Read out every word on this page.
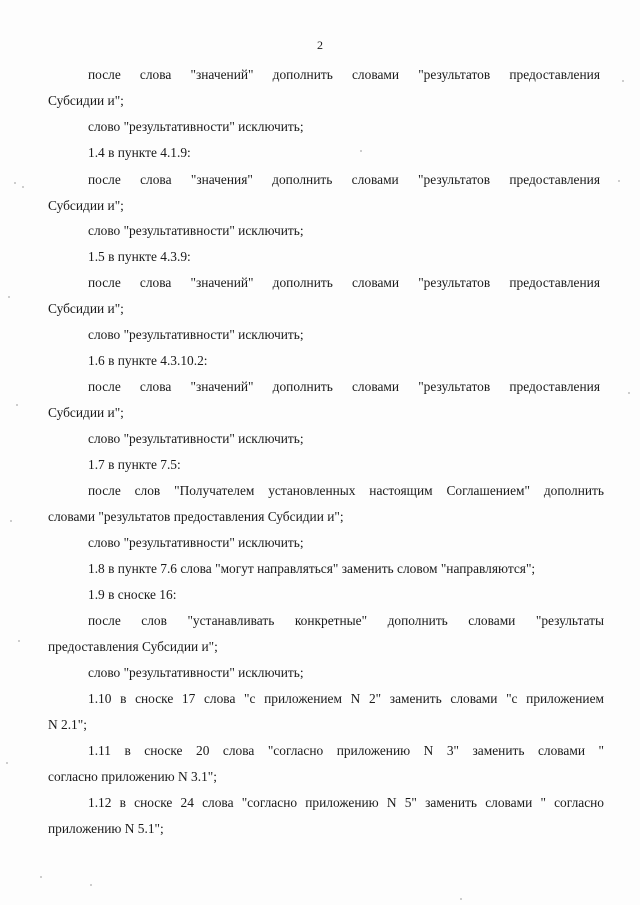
2
после слова "значений" дополнить словами "результатов предоставления
Субсидии и";
слово "результативности" исключить;
1.4 в пункте 4.1.9:
после слова "значения" дополнить словами "результатов предоставления
Субсидии и";
слово "результативности" исключить;
1.5 в пункте 4.3.9:
после слова "значений" дополнить словами "результатов предоставления
Субсидии и";
слово "результативности" исключить;
1.6 в пункте 4.3.10.2:
после слова "значений" дополнить словами "результатов предоставления
Субсидии и";
слово "результативности" исключить;
1.7 в пункте 7.5:
после слов "Получателем установленных настоящим Соглашением" дополнить
словами "результатов предоставления Субсидии и";
слово "результативности" исключить;
1.8 в пункте 7.6 слова "могут направляться" заменить словом "направляются";
1.9 в сноске 16:
после слов "устанавливать конкретные" дополнить словами "результаты
предоставления Субсидии и";
слово "результативности" исключить;
1.10 в сноске 17 слова "с приложением N 2" заменить словами "с приложением
N 2.1";
1.11 в сноске 20 слова "согласно приложению N 3" заменить словами "
согласно приложению N 3.1";
1.12 в сноске 24 слова "согласно приложению N 5" заменить словами " согласно
приложению N 5.1";
